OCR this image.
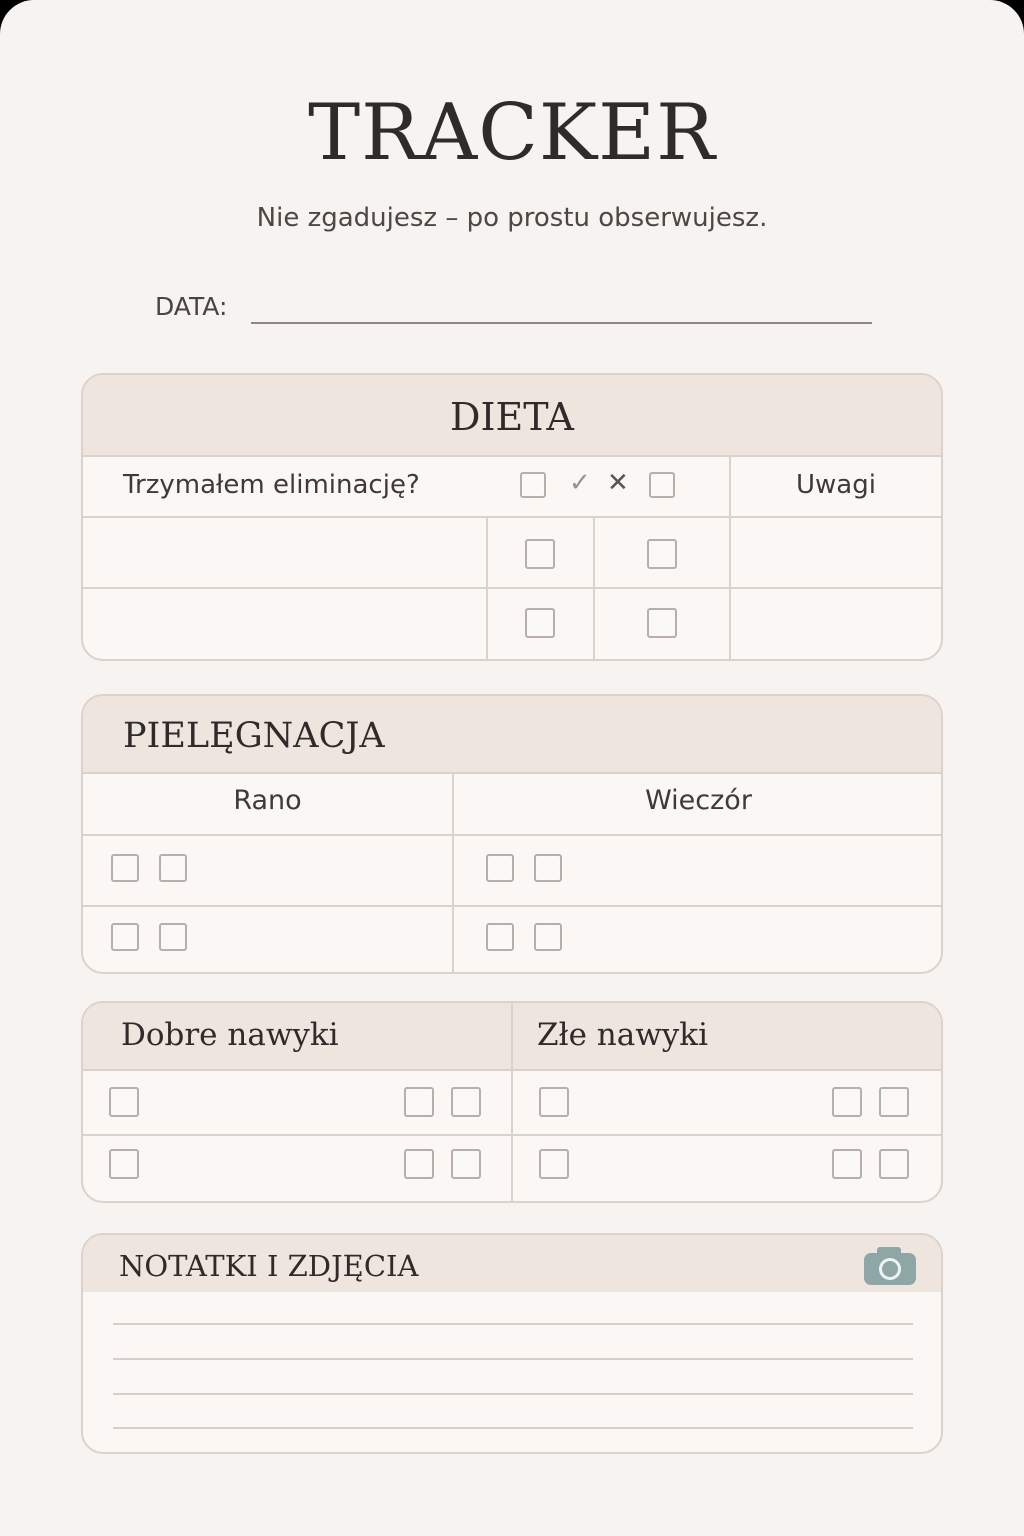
TRACKER
Nie zgadujesz – po prostu obserwujesz.
DATA:
DIETA
Trzymałem eliminację?	✓ ✕	Uwagi
PIELĘGNACJA
Rano	Wieczór
Dobre nawyki	Złe nawyki
NOTATKI I ZDJĘCIA
